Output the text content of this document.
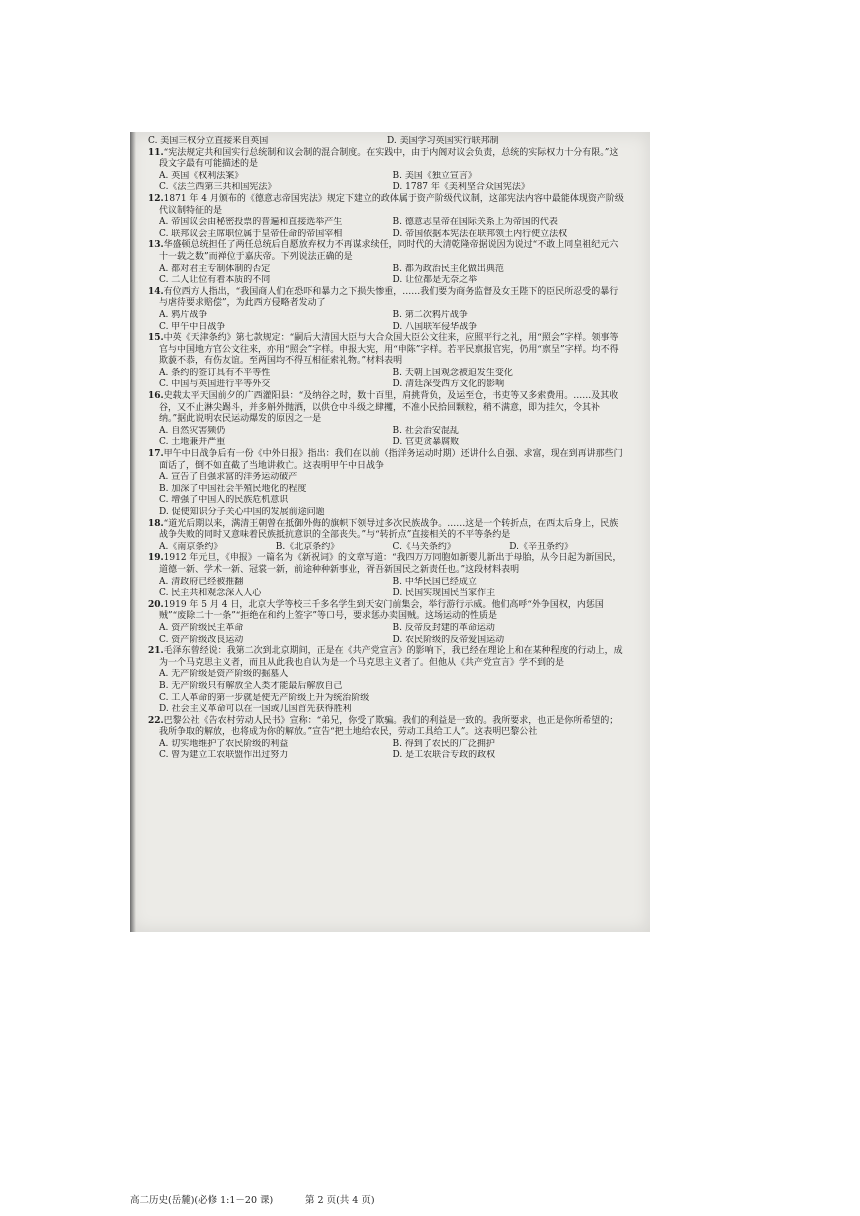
C. 美国三权分立直接来自英国	D. 美国学习英国实行联邦制

11.“宪法规定共和国实行总统制和议会制的混合制度。在实践中，由于内阁对议会负责，总统的实际权力十分有限。”这段文字最有可能描述的是

A. 英国《权利法案》	B. 美国《独立宣言》
C.《法兰西第三共和国宪法》	D. 1787 年《美利坚合众国宪法》

12.1871 年 4 月颁布的《德意志帝国宪法》规定下建立的政体属于资产阶级代议制，这部宪法内容中最能体现资产阶级代议制特征的是

A. 帝国议会由秘密投票的普遍和直接选举产生	B. 德意志皇帝在国际关系上为帝国的代表
C. 联邦议会主席职位属于皇帝任命的帝国宰相	D. 帝国依据本宪法在联邦领土内行使立法权

13.华盛顿总统担任了两任总统后自愿放弃权力不再谋求续任，同时代的大清乾隆帝据说因为说过“不敢上同皇祖纪元六十一载之数”而禅位于嘉庆帝。下列说法正确的是

A. 都对君主专制体制的否定	B. 都为政治民主化做出典范
C. 二人让位有着本质的不同	D. 让位都是无奈之举

14.有位西方人指出，“我国商人们在恐吓和暴力之下损失惨重，……我们要为商务监督及女王陛下的臣民所忍受的暴行与虐待要求赔偿”，为此西方侵略者发动了

A. 鸦片战争	B. 第二次鸦片战争
C. 甲午中日战争	D. 八国联军侵华战争

15.中英《天津条约》第七款规定：“嗣后大清国大臣与大合众国大臣公文往来，应照平行之礼，用“照会”字样。领事等官与中国地方官公文往来，亦用“照会”字样。申报大宪，用“申陈”字样。若平民禀报官宪，仍用“禀呈”字样。均不得欺藐不恭，有伤友谊。至两国均不得互相征索礼物。”材料表明

A. 条约的签订具有不平等性	B. 天朝上国观念被迫发生变化
C. 中国与英国进行平等外交	D. 清廷深受西方文化的影响

16.史载太平天国前夕的广西灌阳县：“及纳谷之时，数十百里，肩挑背负，及运至仓，书吏等又多索费用。……及其收谷，又不止淋尖踢斗，并多斛外抛洒，以供仓中斗级之肆攫，不准小民拾回颗粒，稍不满意，即为挂欠，令其补纳。”据此说明农民运动爆发的原因之一是

A. 自然灾害频仍	B. 社会治安混乱
C. 土地兼并严重	D. 官吏贪暴腐败

17.甲午中日战争后有一份《中外日报》指出：我们在以前（指洋务运动时期）还讲什么自强、求富，现在到再讲那些门面话了，倒不如直截了当地讲救亡。这表明甲午中日战争

A. 宣告了自强求富的洋务运动破产
B. 加深了中国社会半殖民地化的程度
C. 增强了中国人的民族危机意识
D. 促使知识分子关心中国的发展前途问题

18.“道光后期以来，满清王朝曾在抵御外侮的旗帜下领导过多次民族战争。……这是一个转折点，在西太后身上，民族战争失败的同时又意味着民族抵抗意识的全部丧失。”与“转折点”直接相关的不平等条约是

A.《南京条约》	B.《北京条约》	C.《马关条约》	D.《辛丑条约》

19.1912 年元旦，《申报》一篇名为《新祝词》的文章写道：“我四万万同胞如新婴儿新出于母胎，从今日起为新国民，道德一新、学术一新、冠裳一新，前途种种新事业，胥吾新国民之新责任也。”这段材料表明

A. 清政府已经被推翻	B. 中华民国已经成立
C. 民主共和观念深入人心	D. 民国实现国民当家作主

20.1919 年 5 月 4 日，北京大学等校三千多名学生到天安门前集会，举行游行示威。他们高呼“外争国权，内惩国贼”“废除二十一条”“拒绝在和约上签字”等口号，要求惩办卖国贼。这场运动的性质是

A. 资产阶级民主革命	B. 反帝反封建的革命运动
C. 资产阶级改良运动	D. 农民阶级的反帝爱国运动

21.毛泽东曾经说：我第二次到北京期间，正是在《共产党宣言》的影响下，我已经在理论上和在某种程度的行动上，成为一个马克思主义者，而且从此我也自认为是一个马克思主义者了。但他从《共产党宣言》学不到的是

A. 无产阶级是资产阶级的掘墓人
B. 无产阶级只有解放全人类才能最后解放自己
C. 工人革命的第一步就是使无产阶级上升为统治阶级
D. 社会主义革命可以在一国或几国首先获得胜利

22.巴黎公社《告农村劳动人民书》宣称：“弟兄，你受了欺骗。我们的利益是一致的。我所要求，也正是你所希望的；我所争取的解放，也将成为你的解放。”宣告“把土地给农民，劳动工具给工人”。这表明巴黎公社

A. 切实地维护了农民阶级的利益	B. 得到了农民的广泛拥护
C. 曾为建立工农联盟作出过努力	D. 是工农联合专政的政权
高二历史(岳麓)(必修 1:1－20 课)	第 2 页(共 4 页)
